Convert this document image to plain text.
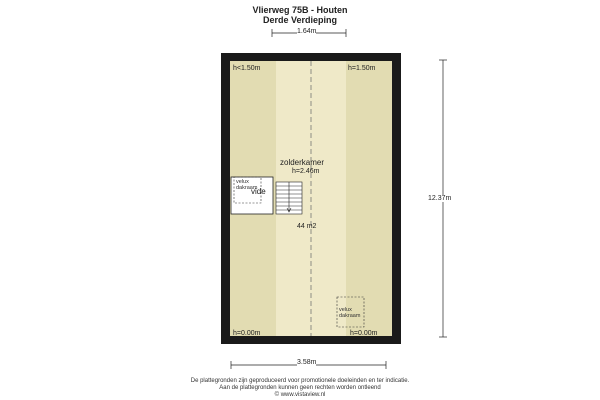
Vlierweg 75B - Houten
Derde Verdieping
1.64m
12.37m
3.58m
h<1.50m	h=1.50m
h=0.00m	h=0.00m
zolderkamer
h=2.46m
vide
44 m2
velux
dakraam
velux
dakraam
De plattegronden zijn geproduceerd voor promotionele doeleinden en ter indicatie.
Aan de plattegronden kunnen geen rechten worden ontleend
© www.vistaview.nl
